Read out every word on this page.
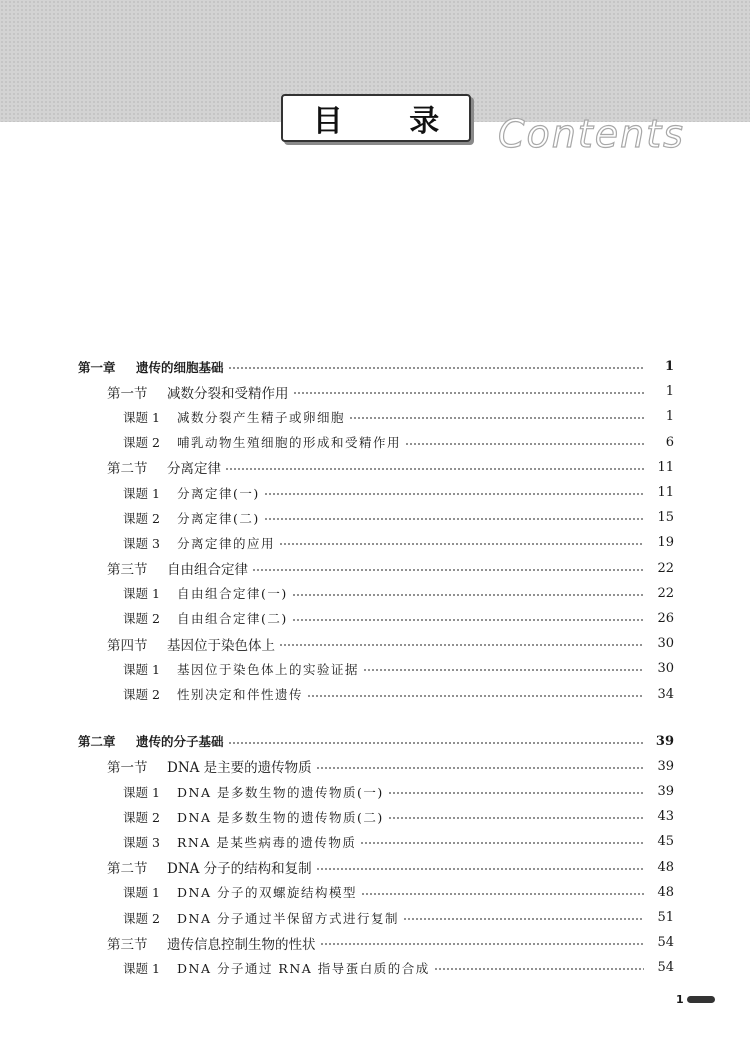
目 录 Contents
第一章	遗传的细胞基础	1
第一节	减数分裂和受精作用	1
课题 1	减数分裂产生精子或卵细胞	1
课题 2	哺乳动物生殖细胞的形成和受精作用	6
第二节	分离定律	11
课题 1	分离定律(一)	11
课题 2	分离定律(二)	15
课题 3	分离定律的应用	19
第三节	自由组合定律	22
课题 1	自由组合定律(一)	22
课题 2	自由组合定律(二)	26
第四节	基因位于染色体上	30
课题 1	基因位于染色体上的实验证据	30
课题 2	性别决定和伴性遗传	34
第二章	遗传的分子基础	39
第一节	DNA 是主要的遗传物质	39
课题 1	DNA 是多数生物的遗传物质(一)	39
课题 2	DNA 是多数生物的遗传物质(二)	43
课题 3	RNA 是某些病毒的遗传物质	45
第二节	DNA 分子的结构和复制	48
课题 1	DNA 分子的双螺旋结构模型	48
课题 2	DNA 分子通过半保留方式进行复制	51
第三节	遗传信息控制生物的性状	54
课题 1	DNA 分子通过 RNA 指导蛋白质的合成	54
1
